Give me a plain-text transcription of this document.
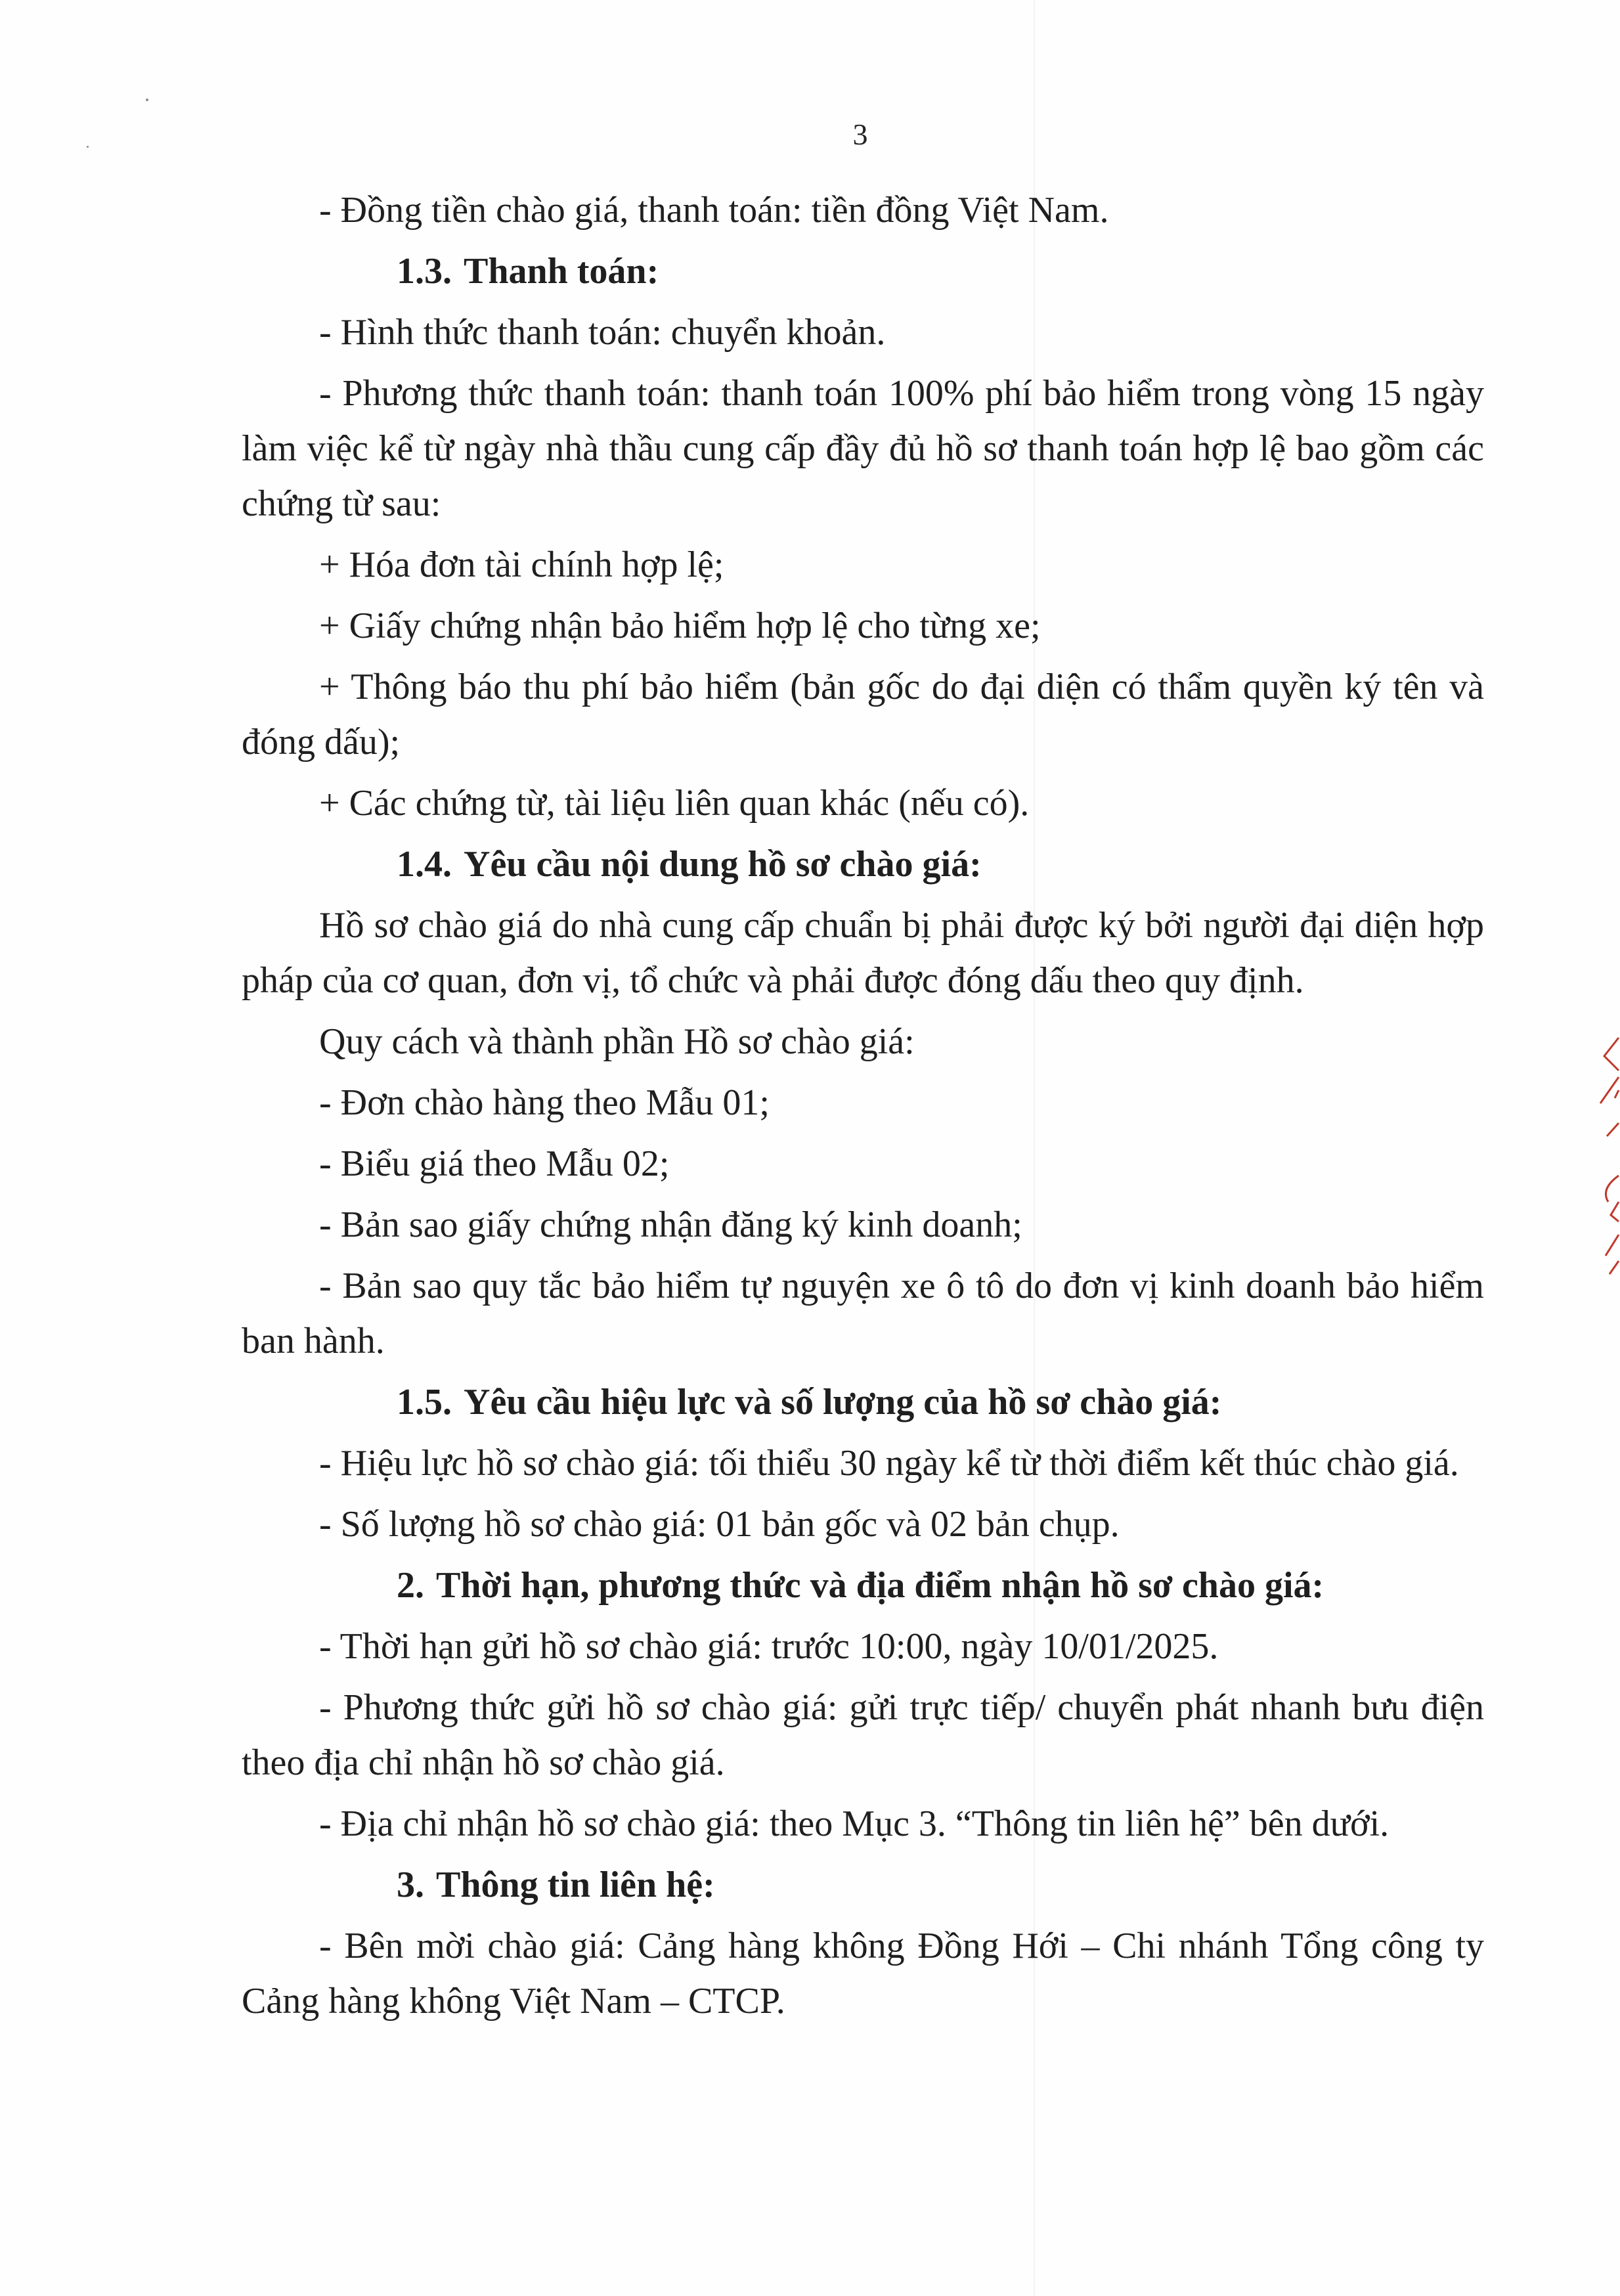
3

- Đồng tiền chào giá, thanh toán: tiền đồng Việt Nam.

1.3. Thanh toán:

- Hình thức thanh toán: chuyển khoản.

- Phương thức thanh toán: thanh toán 100% phí bảo hiểm trong vòng 15 ngày làm việc kể từ ngày nhà thầu cung cấp đầy đủ hồ sơ thanh toán hợp lệ bao gồm các chứng từ sau:

+ Hóa đơn tài chính hợp lệ;

+ Giấy chứng nhận bảo hiểm hợp lệ cho từng xe;

+ Thông báo thu phí bảo hiểm (bản gốc do đại diện có thẩm quyền ký tên và đóng dấu);

+ Các chứng từ, tài liệu liên quan khác (nếu có).

1.4. Yêu cầu nội dung hồ sơ chào giá:

Hồ sơ chào giá do nhà cung cấp chuẩn bị phải được ký bởi người đại diện hợp pháp của cơ quan, đơn vị, tổ chức và phải được đóng dấu theo quy định.

Quy cách và thành phần Hồ sơ chào giá:

- Đơn chào hàng theo Mẫu 01;

- Biểu giá theo Mẫu 02;

- Bản sao giấy chứng nhận đăng ký kinh doanh;

- Bản sao quy tắc bảo hiểm tự nguyện xe ô tô do đơn vị kinh doanh bảo hiểm ban hành.

1.5. Yêu cầu hiệu lực và số lượng của hồ sơ chào giá:

- Hiệu lực hồ sơ chào giá: tối thiểu 30 ngày kể từ thời điểm kết thúc chào giá.

- Số lượng hồ sơ chào giá: 01 bản gốc và 02 bản chụp.

2. Thời hạn, phương thức và địa điểm nhận hồ sơ chào giá:

- Thời hạn gửi hồ sơ chào giá: trước 10:00, ngày 10/01/2025.

- Phương thức gửi hồ sơ chào giá: gửi trực tiếp/ chuyển phát nhanh bưu điện theo địa chỉ nhận hồ sơ chào giá.

- Địa chỉ nhận hồ sơ chào giá: theo Mục 3. “Thông tin liên hệ” bên dưới.

3. Thông tin liên hệ:

- Bên mời chào giá: Cảng hàng không Đồng Hới – Chi nhánh Tổng công ty Cảng hàng không Việt Nam – CTCP.
